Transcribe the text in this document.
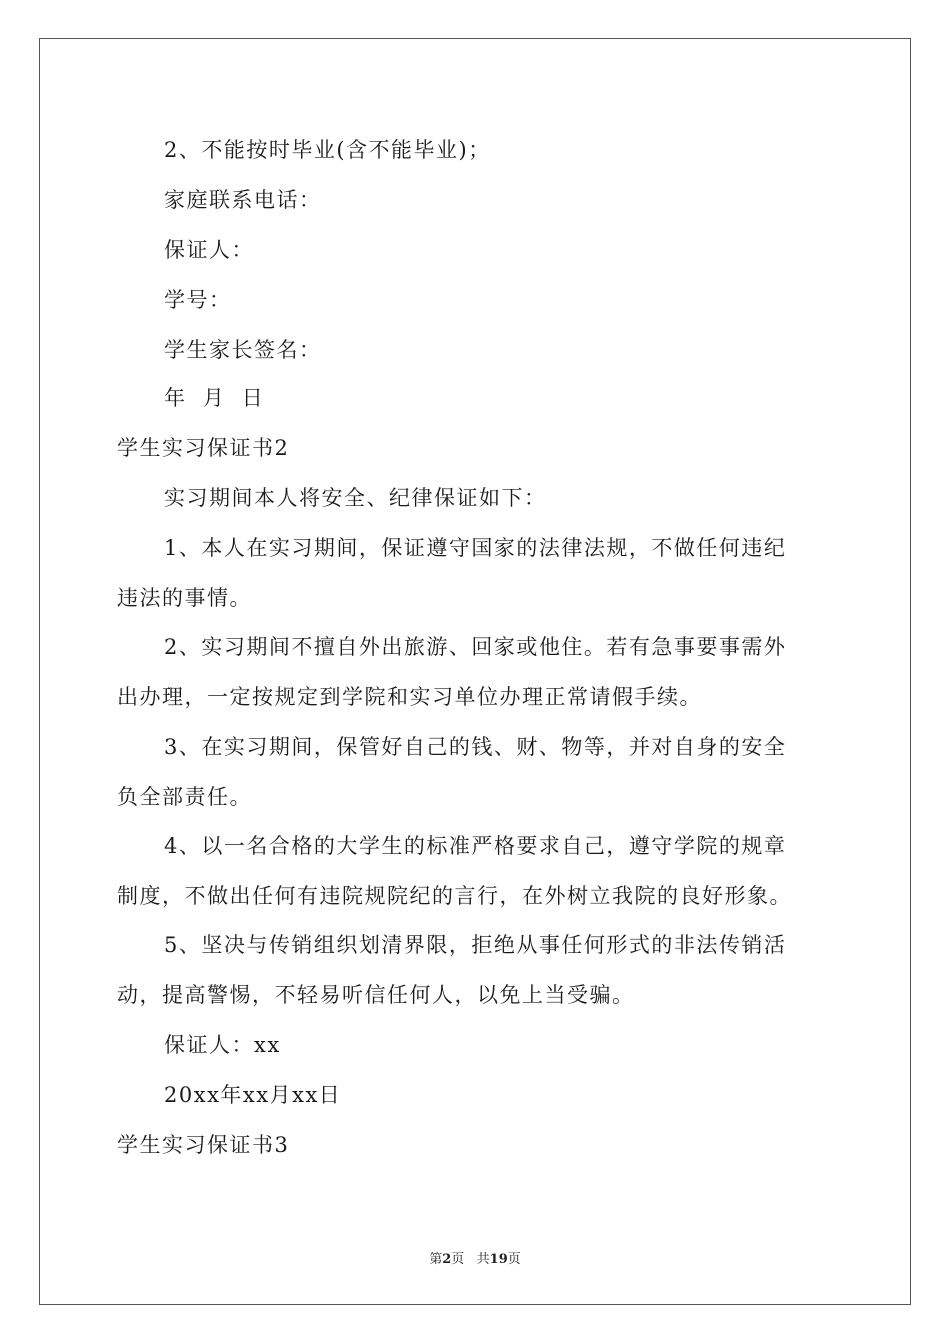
2、不能按时毕业(含不能毕业)；
家庭联系电话：
保证人：
学号：
学生家长签名：
年  月  日
学生实习保证书2
实习期间本人将安全、纪律保证如下：
1、本人在实习期间，保证遵守国家的法律法规，不做任何违纪
违法的事情。
2、实习期间不擅自外出旅游、回家或他住。若有急事要事需外
出办理，一定按规定到学院和实习单位办理正常请假手续。
3、在实习期间，保管好自己的钱、财、物等，并对自身的安全
负全部责任。
4、以一名合格的大学生的标准严格要求自己，遵守学院的规章
制度，不做出任何有违院规院纪的言行，在外树立我院的良好形象。
5、坚决与传销组织划清界限，拒绝从事任何形式的非法传销活
动，提高警惕，不轻易听信任何人，以免上当受骗。
保证人：xx
20xx年xx月xx日
学生实习保证书3
第2页   共19页
